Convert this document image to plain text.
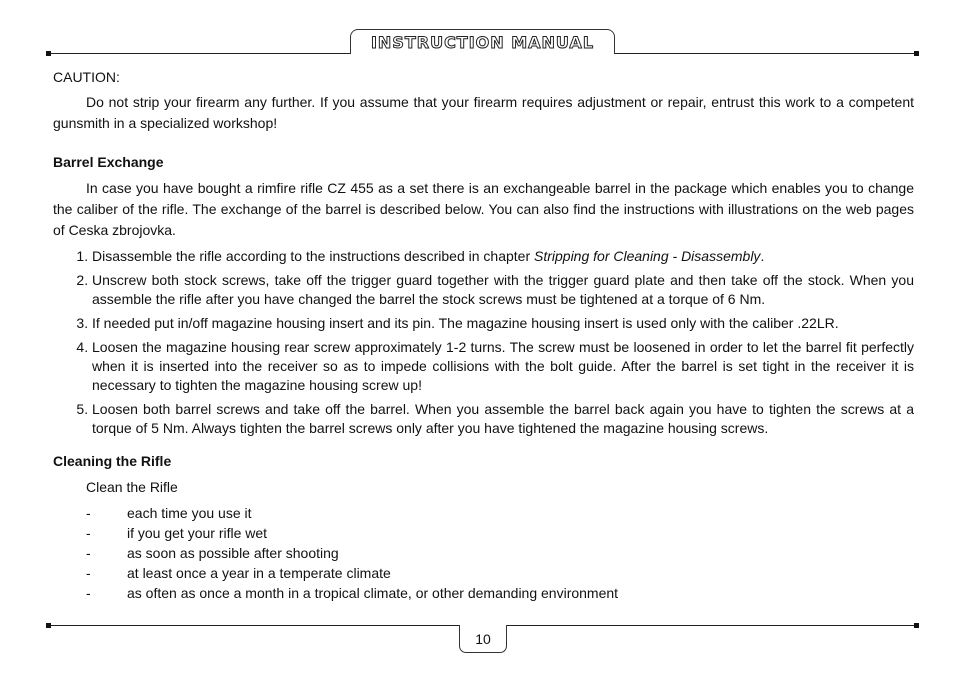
INSTRUCTION MANUAL

CAUTION:

Do not strip your firearm any further. If you assume that your firearm requires adjustment or repair, entrust this work to a competent gunsmith in a specialized workshop!

Barrel Exchange

In case you have bought a rimfire rifle CZ 455 as a set there is an exchangeable barrel in the package which enables you to change the caliber of the rifle. The exchange of the barrel is described below. You can also find the instructions with illustrations on the web pages of Ceska zbrojovka.

1. Disassemble the rifle according to the instructions described in chapter Stripping for Cleaning - Disassembly.
2. Unscrew both stock screws, take off the trigger guard together with the trigger guard plate and then take off the stock. When you assemble the rifle after you have changed the barrel the stock screws must be tightened at a torque of 6 Nm.
3. If needed put in/off magazine housing insert and its pin. The magazine housing insert is used only with the caliber .22LR.
4. Loosen the magazine housing rear screw approximately 1-2 turns. The screw must be loosened in order to let the barrel fit perfectly when it is inserted into the receiver so as to impede collisions with the bolt guide. After the barrel is set tight in the receiver it is necessary to tighten the magazine housing screw up!
5. Loosen both barrel screws and take off the barrel. When you assemble the barrel back again you have to tighten the screws at a torque of 5 Nm. Always tighten the barrel screws only after you have tightened the magazine housing screws.

Cleaning the Rifle

Clean the Rifle

-	each time you use it
-	if you get your rifle wet
-	as soon as possible after shooting
-	at least once a year in a temperate climate
-	as often as once a month in a tropical climate, or other demanding environment
10
